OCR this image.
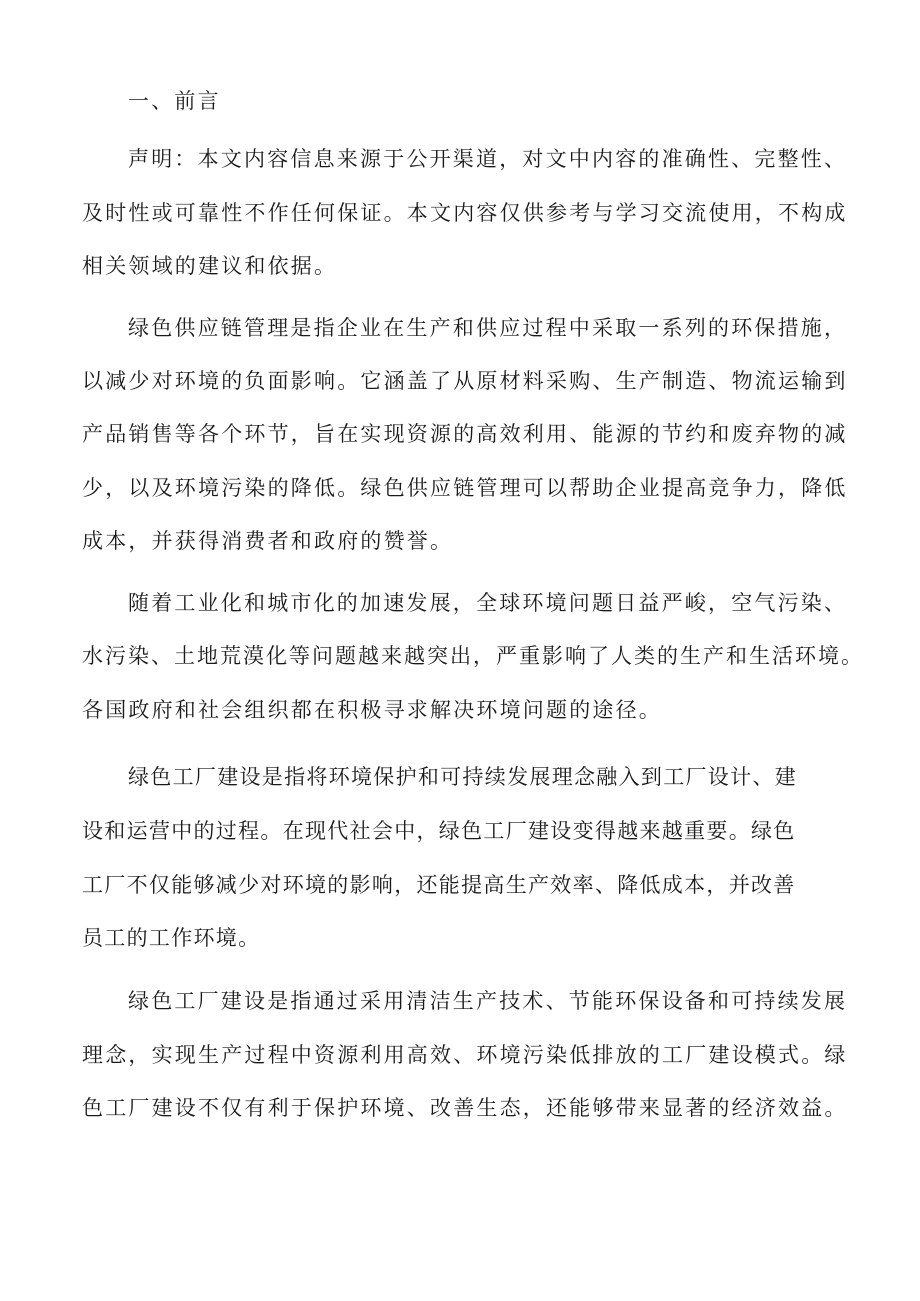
一、前言
声明：本文内容信息来源于公开渠道，对文中内容的准确性、完整性、
及时性或可靠性不作任何保证。本文内容仅供参考与学习交流使用，不构成
相关领域的建议和依据。
绿色供应链管理是指企业在生产和供应过程中采取一系列的环保措施，
以减少对环境的负面影响。它涵盖了从原材料采购、生产制造、物流运输到
产品销售等各个环节，旨在实现资源的高效利用、能源的节约和废弃物的减
少，以及环境污染的降低。绿色供应链管理可以帮助企业提高竞争力，降低
成本，并获得消费者和政府的赞誉。
随着工业化和城市化的加速发展，全球环境问题日益严峻，空气污染、
水污染、土地荒漠化等问题越来越突出，严重影响了人类的生产和生活环境。
各国政府和社会组织都在积极寻求解决环境问题的途径。
绿色工厂建设是指将环境保护和可持续发展理念融入到工厂设计、建
设和运营中的过程。在现代社会中，绿色工厂建设变得越来越重要。绿色
工厂不仅能够减少对环境的影响，还能提高生产效率、降低成本，并改善
员工的工作环境。
绿色工厂建设是指通过采用清洁生产技术、节能环保设备和可持续发展
理念，实现生产过程中资源利用高效、环境污染低排放的工厂建设模式。绿
色工厂建设不仅有利于保护环境、改善生态，还能够带来显著的经济效益。
